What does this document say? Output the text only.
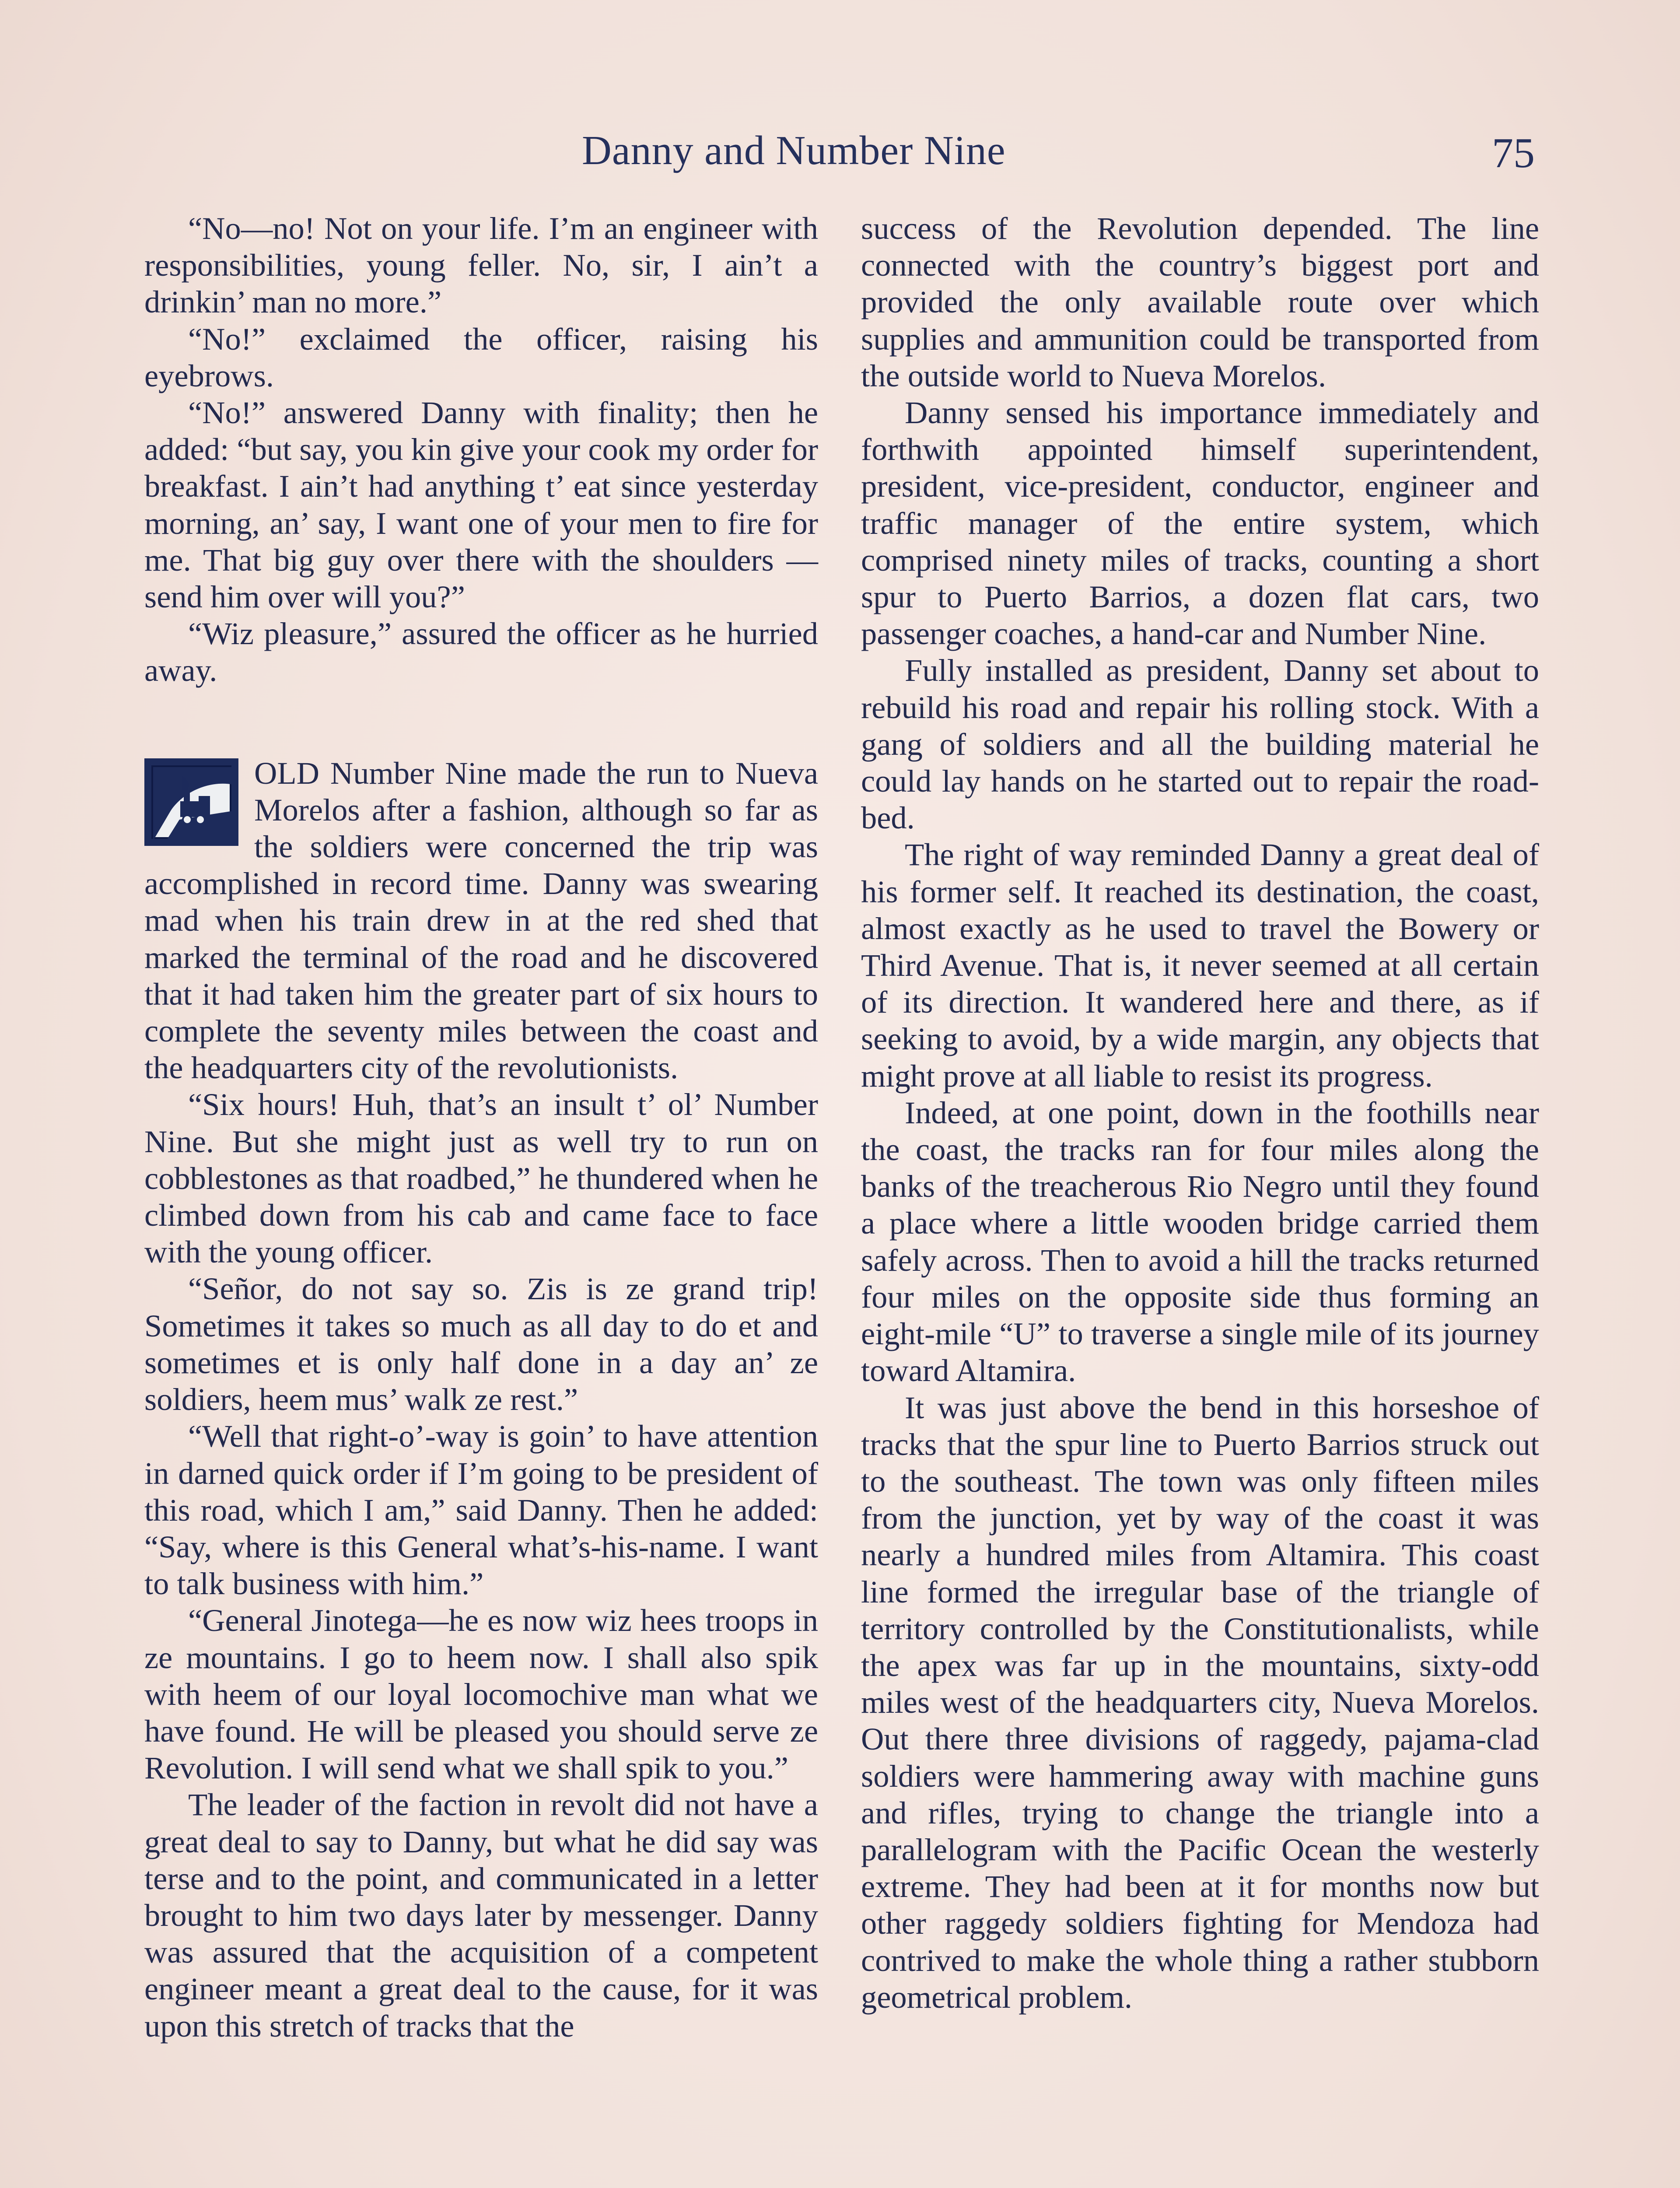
Danny and Number Nine	75

“No—no! Not on your life. I’m an engineer with responsibilities, young feller. No, sir, I ain’t a drinkin’ man no more.”

“No!” exclaimed the officer, raising his eyebrows.

“No!” answered Danny with finality; then he added: “but say, you kin give your cook my order for breakfast. I ain’t had anything t’ eat since yesterday morning, an’ say, I want one of your men to fire for me. That big guy over there with the shoulders —send him over will you?”

“Wiz pleasure,” assured the officer as he hurried away.

OLD Number Nine made the run to Nueva Morelos after a fashion, although so far as the soldiers were concerned the trip was accomplished in record time. Danny was swearing mad when his train drew in at the red shed that marked the terminal of the road and he discovered that it had taken him the greater part of six hours to complete the seventy miles between the coast and the headquarters city of the revolutionists.

“Six hours! Huh, that’s an insult t’ ol’ Number Nine. But she might just as well try to run on cobblestones as that roadbed,” he thundered when he climbed down from his cab and came face to face with the young officer.

“Señor, do not say so. Zis is ze grand trip! Sometimes it takes so much as all day to do et and sometimes et is only half done in a day an’ ze soldiers, heem mus’ walk ze rest.”

“Well that right-o’-way is goin’ to have attention in darned quick order if I’m going to be president of this road, which I am,” said Danny. Then he added: “Say, where is this General what’s-his-name. I want to talk business with him.”

“General Jinotega—he es now wiz hees troops in ze mountains. I go to heem now. I shall also spik with heem of our loyal locomochive man what we have found. He will be pleased you should serve ze Revolution. I will send what we shall spik to you.”

The leader of the faction in revolt did not have a great deal to say to Danny, but what he did say was terse and to the point, and communicated in a letter brought to him two days later by messenger. Danny was assured that the acquisition of a competent engineer meant a great deal to the cause, for it was upon this stretch of tracks that the

success of the Revolution depended. The line connected with the country’s biggest port and provided the only available route over which supplies and ammunition could be transported from the outside world to Nueva Morelos.

Danny sensed his importance immediately and forthwith appointed himself superintendent, president, vice-president, conductor, engineer and traffic manager of the entire system, which comprised ninety miles of tracks, counting a short spur to Puerto Barrios, a dozen flat cars, two passenger coaches, a hand-car and Number Nine.

Fully installed as president, Danny set about to rebuild his road and repair his rolling stock. With a gang of soldiers and all the building material he could lay hands on he started out to repair the road-bed.

The right of way reminded Danny a great deal of his former self. It reached its destination, the coast, almost exactly as he used to travel the Bowery or Third Avenue. That is, it never seemed at all certain of its direction. It wandered here and there, as if seeking to avoid, by a wide margin, any objects that might prove at all liable to resist its progress.

Indeed, at one point, down in the foothills near the coast, the tracks ran for four miles along the banks of the treacherous Rio Negro until they found a place where a little wooden bridge carried them safely across. Then to avoid a hill the tracks returned four miles on the opposite side thus forming an eight-mile “U” to traverse a single mile of its journey toward Altamira.

It was just above the bend in this horseshoe of tracks that the spur line to Puerto Barrios struck out to the southeast. The town was only fifteen miles from the junction, yet by way of the coast it was nearly a hundred miles from Altamira. This coast line formed the irregular base of the triangle of territory controlled by the Constitutionalists, while the apex was far up in the mountains, sixty-odd miles west of the headquarters city, Nueva Morelos. Out there three divisions of raggedy, pajama-clad soldiers were hammering away with machine guns and rifles, trying to change the triangle into a parallelogram with the Pacific Ocean the westerly extreme. They had been at it for months now but other raggedy soldiers fighting for Mendoza had contrived to make the whole thing a rather stubborn geometrical problem.
